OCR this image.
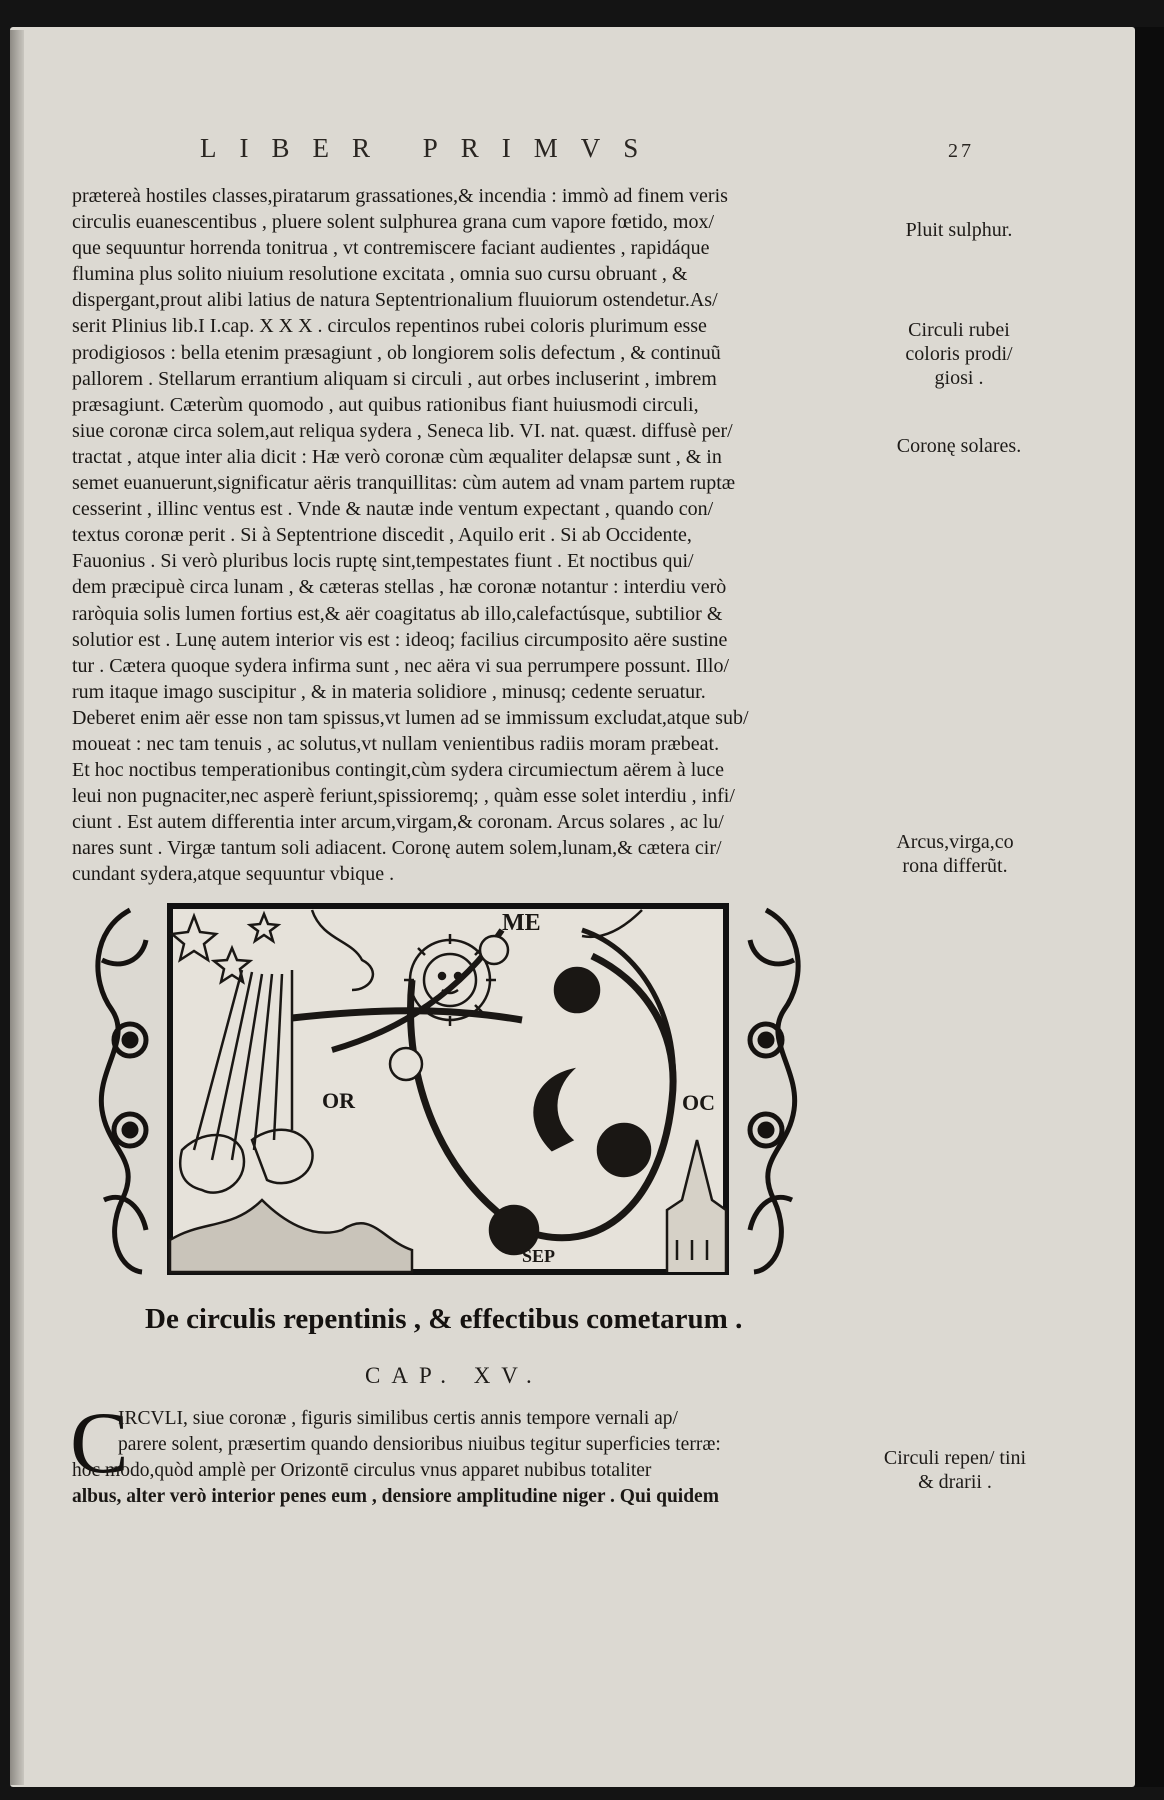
LIBER PRIMVS	27
prætereà hostiles classes,piratarum grassationes,& incendia : immò ad finem veris
circulis euanescentibus , pluere solent sulphurea grana cum vapore fœtido, mox/
que sequuntur horrenda tonitrua , vt contremiscere faciant audientes , rapidáque
flumina plus solito niuium resolutione excitata , omnia suo cursu obruant , &
dispergant,prout alibi latius de natura Septentrionalium fluuiorum ostendetur.As/
serit Plinius lib.I I.cap. X X X . circulos repentinos rubei coloris plurimum esse
prodigiosos : bella etenim præsagiunt , ob longiorem solis defectum , & continuũ
pallorem . Stellarum errantium aliquam si circuli , aut orbes incluserint , imbrem
præsagiunt. Cæterùm quomodo , aut quibus rationibus fiant huiusmodi circuli,
siue coronæ circa solem,aut reliqua sydera , Seneca lib. VI. nat. quæst. diffusè per/
tractat , atque inter alia dicit : Hæ verò coronæ cùm æqualiter delapsæ sunt , & in
semet euanuerunt,significatur aëris tranquillitas: cùm autem ad vnam partem ruptæ
cesserint , illinc ventus est . Vnde & nautæ inde ventum expectant , quando con/
textus coronæ perit . Si à Septentrione discedit , Aquilo erit . Si ab Occidente,
Fauonius . Si verò pluribus locis ruptę sint,tempestates fiunt . Et noctibus qui/
dem præcipuè circa lunam , & cæteras stellas , hæ coronæ notantur : interdiu verò
raròquia solis lumen fortius est,& aër coagitatus ab illo,calefactúsque, subtilior &
solutior est . Lunę autem interior vis est : ideoq; facilius circumposito aëre sustine
tur . Cætera quoque sydera infirma sunt , nec aëra vi sua perrumpere possunt. Illo/
rum itaque imago suscipitur , & in materia solidiore , minusq; cedente seruatur.
Deberet enim aër esse non tam spissus,vt lumen ad se immissum excludat,atque sub/
moueat : nec tam tenuis , ac solutus,vt nullam venientibus radiis moram præbeat.
Et hoc noctibus temperationibus contingit,cùm sydera circumiectum aërem à luce
leui non pugnaciter,nec asperè feriunt,spissioremq; , quàm esse solet interdiu , infi/
ciunt . Est autem differentia inter arcum,virgam,& coronam. Arcus solares , ac lu/
nares sunt . Virgæ tantum soli adiacent. Coronę autem solem,lunam,& cætera cir/
cundant sydera,atque sequuntur vbique .
Pluit sulphur.
Circuli rubei coloris prodi/ giosi .
Coronę solares.
Arcus,virga,co rona differũt.
Circuli repen/ tini & drarii .
ME
OR	OC
SEP
De circulis repentinis , & effectibus cometarum .
CAP. XV.
C
IRCVLI, siue coronæ , figuris similibus certis annis tempore vernali ap/
parere solent, præsertim quando densioribus niuibus tegitur superficies terræ:
hoc modo,quòd amplè per Orizontē circulus vnus apparet nubibus totaliter
albus, alter verò interior penes eum , densiore amplitudine niger . Qui quidem
